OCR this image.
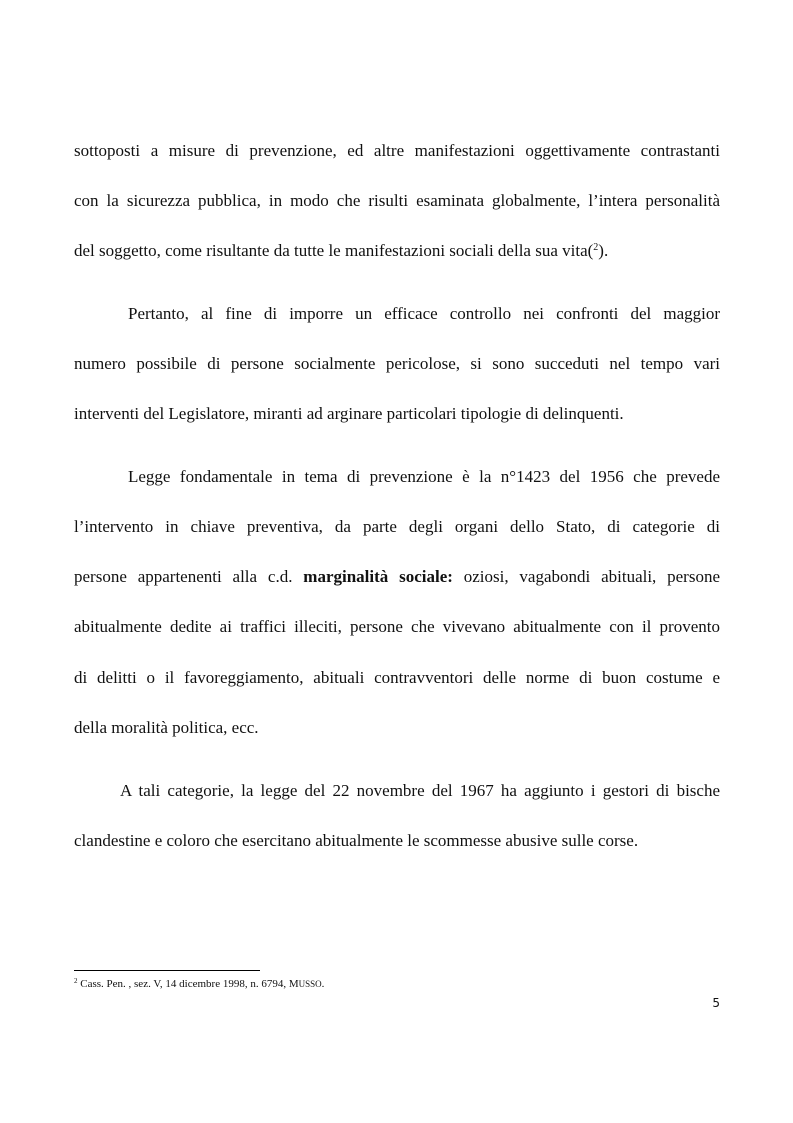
sottoposti a misure di prevenzione, ed altre manifestazioni oggettivamente contrastanti
con la sicurezza pubblica, in modo che risulti esaminata globalmente, l’intera personalità
del soggetto, come risultante da tutte le manifestazioni sociali della sua vita($^2$).
Pertanto, al fine di imporre un efficace controllo nei confronti del maggior
numero possibile di persone socialmente pericolose, si sono succeduti nel tempo vari
interventi del Legislatore, miranti ad arginare particolari tipologie di delinquenti.
Legge fondamentale in tema di prevenzione è la n°1423 del 1956 che prevede
l’intervento in chiave preventiva, da parte degli organi dello Stato, di categorie di
persone appartenenti alla c.d. marginalità sociale: oziosi, vagabondi abituali, persone
abitualmente dedite ai traffici illeciti, persone che vivevano abitualmente con il provento
di delitti o il favoreggiamento, abituali contravventori delle norme di buon costume e
della moralità politica, ecc.
A tali categorie, la legge del 22 novembre del 1967 ha aggiunto i gestori di bische
clandestine e coloro che esercitano abitualmente le scommesse abusive sulle corse.
$^2$ Cass. Pen. , sez. V, 14 dicembre 1998, n. 6794, MUSSO.
5
